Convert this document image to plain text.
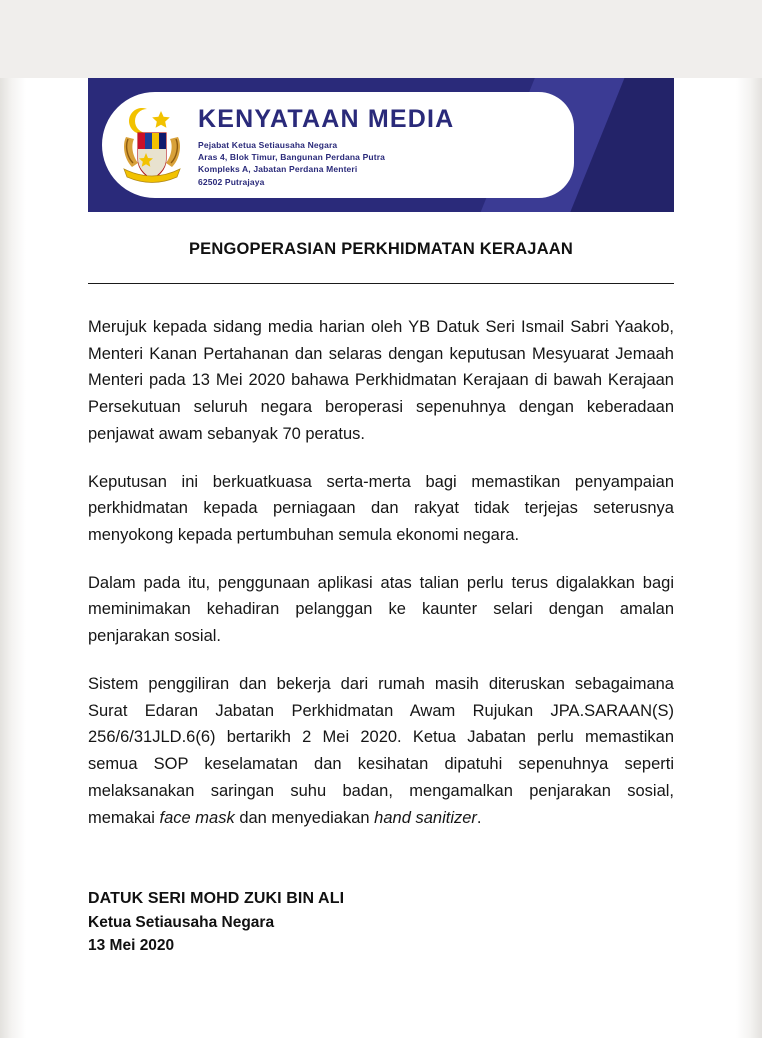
KENYATAAN MEDIA
Pejabat Ketua Setiausaha Negara
Aras 4, Blok Timur, Bangunan Perdana Putra
Kompleks A, Jabatan Perdana Menteri
62502 Putrajaya
PENGOPERASIAN PERKHIDMATAN KERAJAAN

Merujuk kepada sidang media harian oleh YB Datuk Seri Ismail Sabri Yaakob, Menteri Kanan Pertahanan dan selaras dengan keputusan Mesyuarat Jemaah Menteri pada 13 Mei 2020 bahawa Perkhidmatan Kerajaan di bawah Kerajaan Persekutuan seluruh negara beroperasi sepenuhnya dengan keberadaan penjawat awam sebanyak 70 peratus.

Keputusan ini berkuatkuasa serta-merta bagi memastikan penyampaian perkhidmatan kepada perniagaan dan rakyat tidak terjejas seterusnya menyokong kepada pertumbuhan semula ekonomi negara.

Dalam pada itu, penggunaan aplikasi atas talian perlu terus digalakkan bagi meminimakan kehadiran pelanggan ke kaunter selari dengan amalan penjarakan sosial.

Sistem penggiliran dan bekerja dari rumah masih diteruskan sebagaimana Surat Edaran Jabatan Perkhidmatan Awam Rujukan JPA.SARAAN(S) 256/6/31JLD.6(6) bertarikh 2 Mei 2020. Ketua Jabatan perlu memastikan semua SOP keselamatan dan kesihatan dipatuhi sepenuhnya seperti melaksanakan saringan suhu badan, mengamalkan penjarakan sosial, memakai face mask dan menyediakan hand sanitizer.

DATUK SERI MOHD ZUKI BIN ALI
Ketua Setiausaha Negara
13 Mei 2020
